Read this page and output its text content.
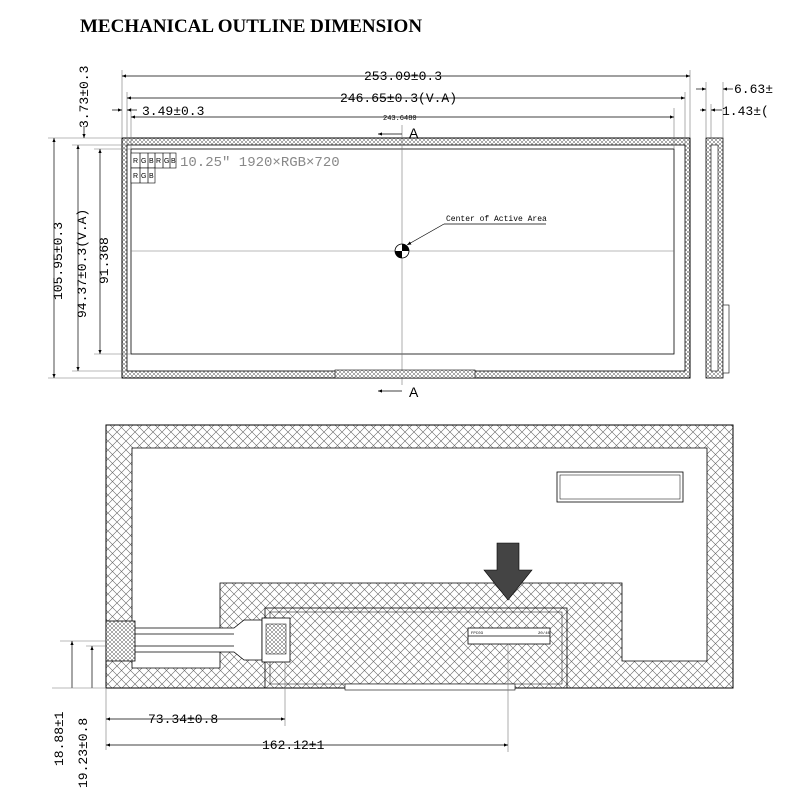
MECHANICAL OUTLINE DIMENSION
Center of Active Area
R G B R G B
R G B
10.25" 1920×RGB×720
A
A
253.09±0.3
246.65±0.3(V.A)
243.6480
3.49±0.3
105.95±0.3 94.37±0.3(V.A) 91.368
3.73±0.3	6.63±
1.43±(
FPC03	20/40
18.88±1 19.23±0.8	73.34±0.8
162.12±1
